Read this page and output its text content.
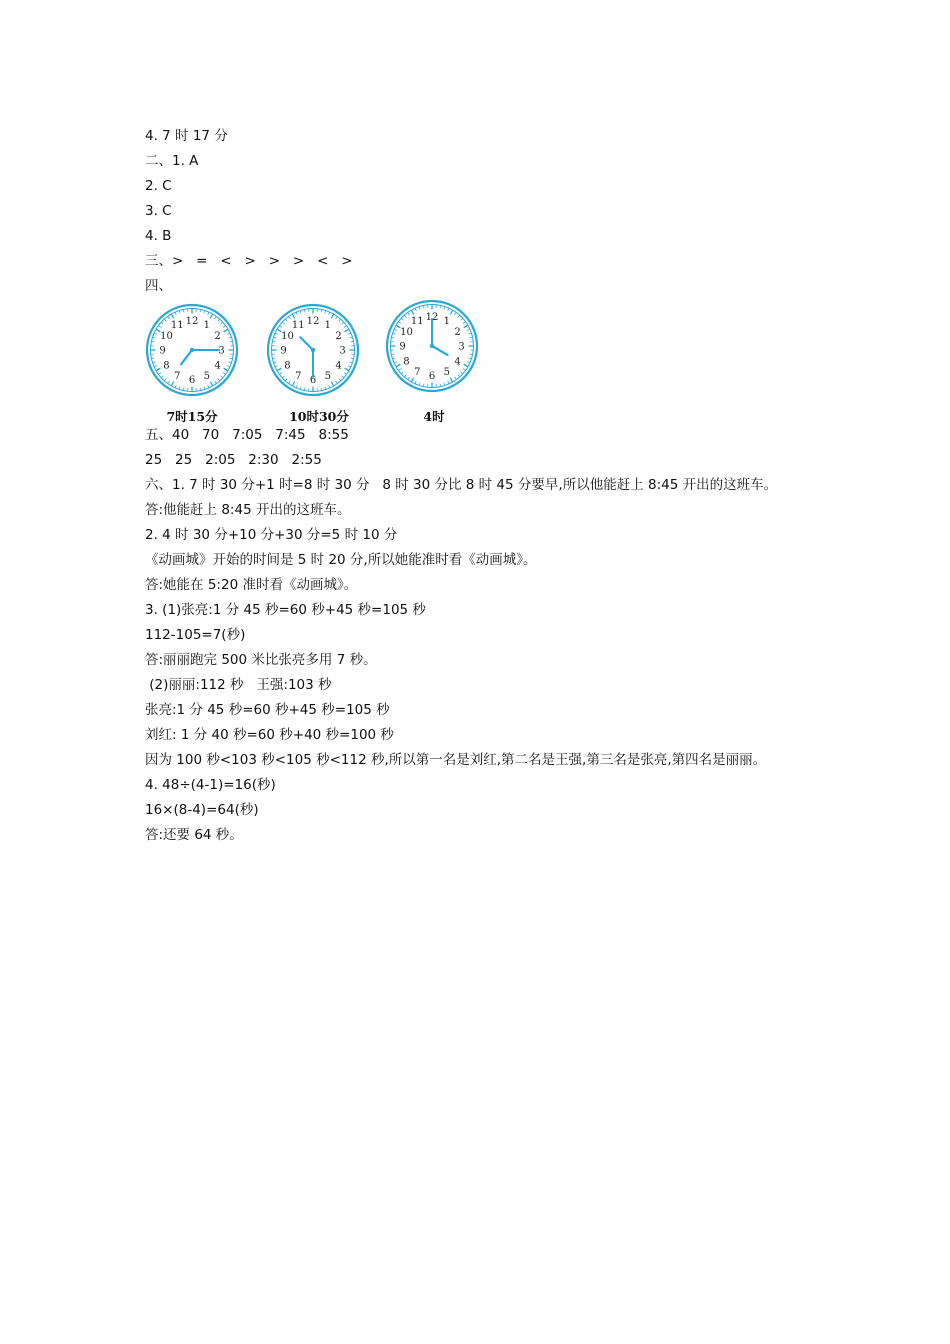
4. 7 时 17 分
二、1. A
2. C
3. C
4. B
三、>   =   <   >   >   >   <   >
四、
1
2
3
4
5
6
7
8
9
10
11 12	1
2
3
4
5
6
7
8
9
10
11 12	1
2
3
4
5
6
7
8
9
10
11 12
7时15分	10时30分	4时
五、40   70   7:05   7:45   8:55
25   25   2:05   2:30   2:55
六、1. 7 时 30 分+1 时=8 时 30 分   8 时 30 分比 8 时 45 分要早,所以他能赶上 8:45 开出的这班车。
答:他能赶上 8:45 开出的这班车。
2. 4 时 30 分+10 分+30 分=5 时 10 分
《动画城》开始的时间是 5 时 20 分,所以她能准时看《动画城》。
答:她能在 5:20 准时看《动画城》。
3. (1)张亮:1 分 45 秒=60 秒+45 秒=105 秒
112-105=7(秒)
答:丽丽跑完 500 米比张亮多用 7 秒。
(2)丽丽:112 秒   王强:103 秒
张亮:1 分 45 秒=60 秒+45 秒=105 秒
刘红: 1 分 40 秒=60 秒+40 秒=100 秒
因为 100 秒<103 秒<105 秒<112 秒,所以第一名是刘红,第二名是王强,第三名是张亮,第四名是丽丽。
4. 48÷(4-1)=16(秒)
16×(8-4)=64(秒)
答:还要 64 秒。
